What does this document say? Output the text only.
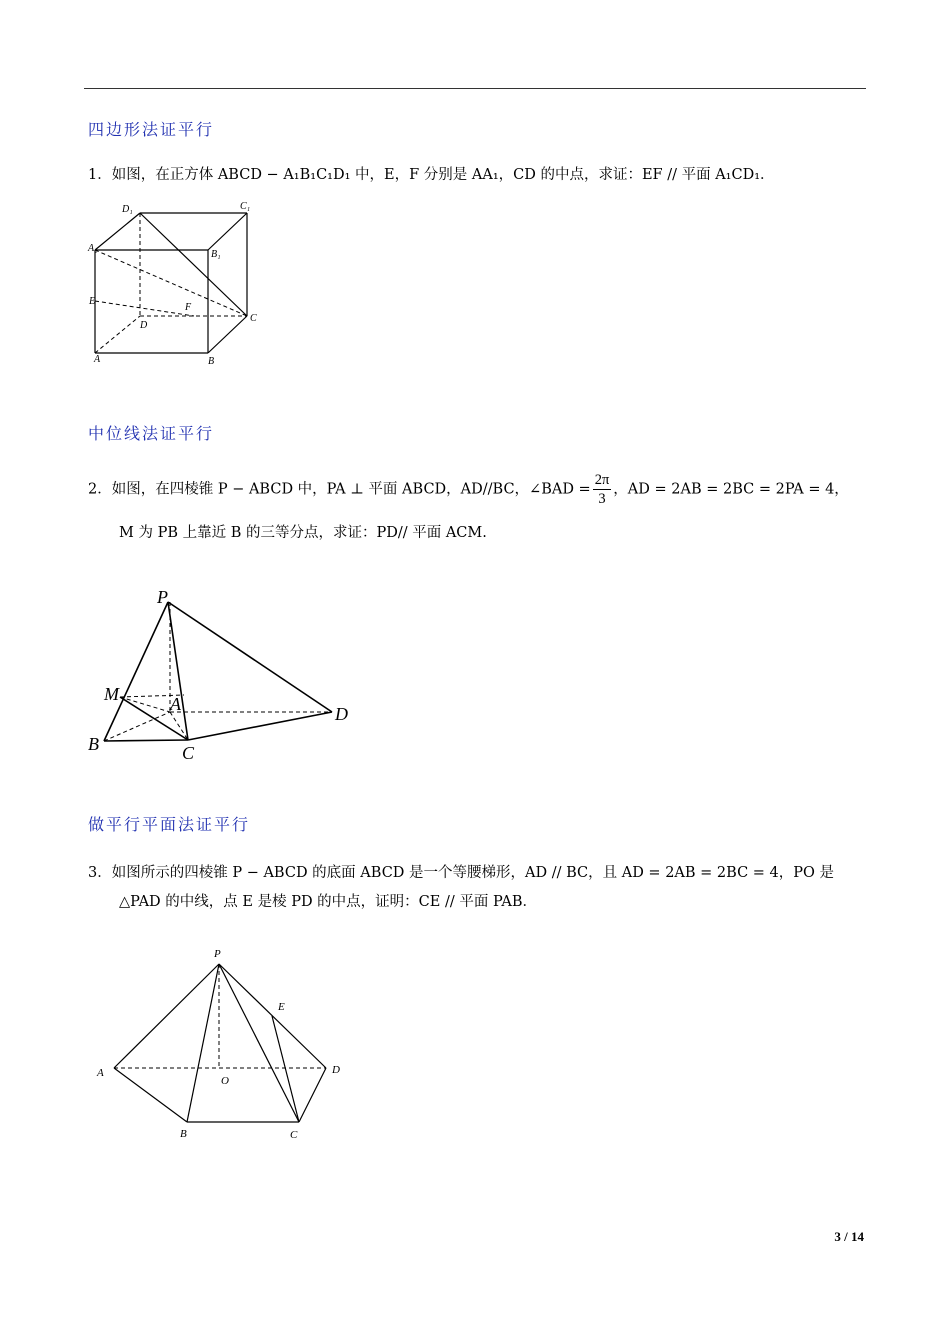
四边形法证平行
1．如图，在正方体 ABCD − A₁B₁C₁D₁ 中，E，F 分别是 AA₁，CD 的中点，求证：EF // 平面 A₁CD₁．
D₁	C₁
A₁
B₁
E
F
D
C
A	B
中位线法证平行
2．如图，在四棱锥 P − ABCD 中，PA ⊥ 平面 ABCD，AD//BC，∠BAD = $\frac{2\pi}{3}$ ，AD = 2AB = 2BC = 2PA = 4，
M 为 PB 上靠近 B 的三等分点，求证：PD// 平面 ACM.
P
M	A	D
B	C
做平行平面法证平行
3．如图所示的四棱锥 P − ABCD 的底面 ABCD 是一个等腰梯形，AD // BC，且 AD = 2AB = 2BC = 4，PO 是
△PAD 的中线，点 E 是棱 PD 的中点，证明：CE // 平面 PAB．
P
E
A
O
D
B	C
3 / 14
